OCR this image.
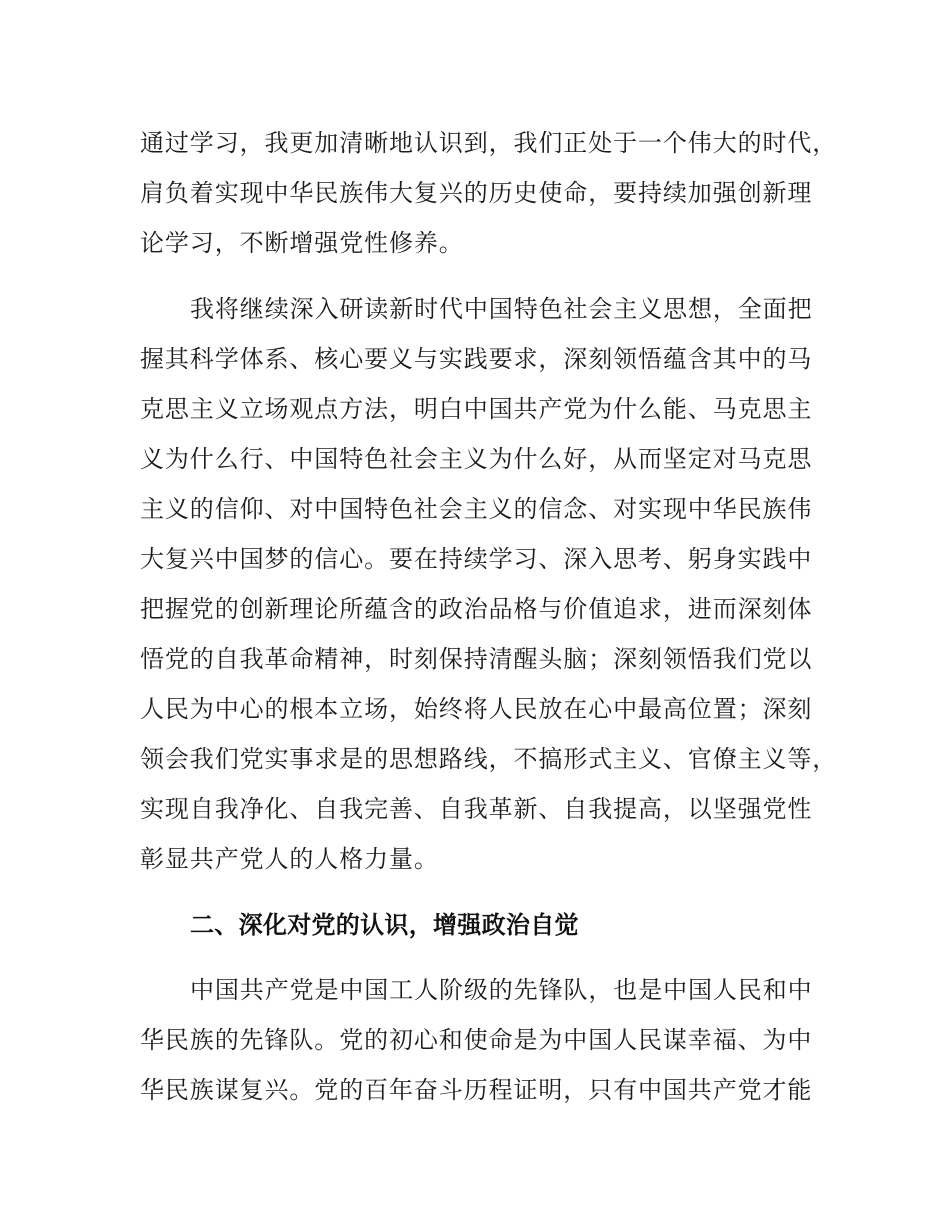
通过学习，我更加清晰地认识到，我们正处于一个伟大的时代，
肩负着实现中华民族伟大复兴的历史使命，要持续加强创新理
论学习，不断增强党性修养。
我将继续深入研读新时代中国特色社会主义思想，全面把
握其科学体系、核心要义与实践要求，深刻领悟蕴含其中的马
克思主义立场观点方法，明白中国共产党为什么能、马克思主
义为什么行、中国特色社会主义为什么好，从而坚定对马克思
主义的信仰、对中国特色社会主义的信念、对实现中华民族伟
大复兴中国梦的信心。要在持续学习、深入思考、躬身实践中
把握党的创新理论所蕴含的政治品格与价值追求，进而深刻体
悟党的自我革命精神，时刻保持清醒头脑；深刻领悟我们党以
人民为中心的根本立场，始终将人民放在心中最高位置；深刻
领会我们党实事求是的思想路线，不搞形式主义、官僚主义等，
实现自我净化、自我完善、自我革新、自我提高，以坚强党性
彰显共产党人的人格力量。
二、深化对党的认识，增强政治自觉
中国共产党是中国工人阶级的先锋队，也是中国人民和中
华民族的先锋队。党的初心和使命是为中国人民谋幸福、为中
华民族谋复兴。党的百年奋斗历程证明，只有中国共产党才能
